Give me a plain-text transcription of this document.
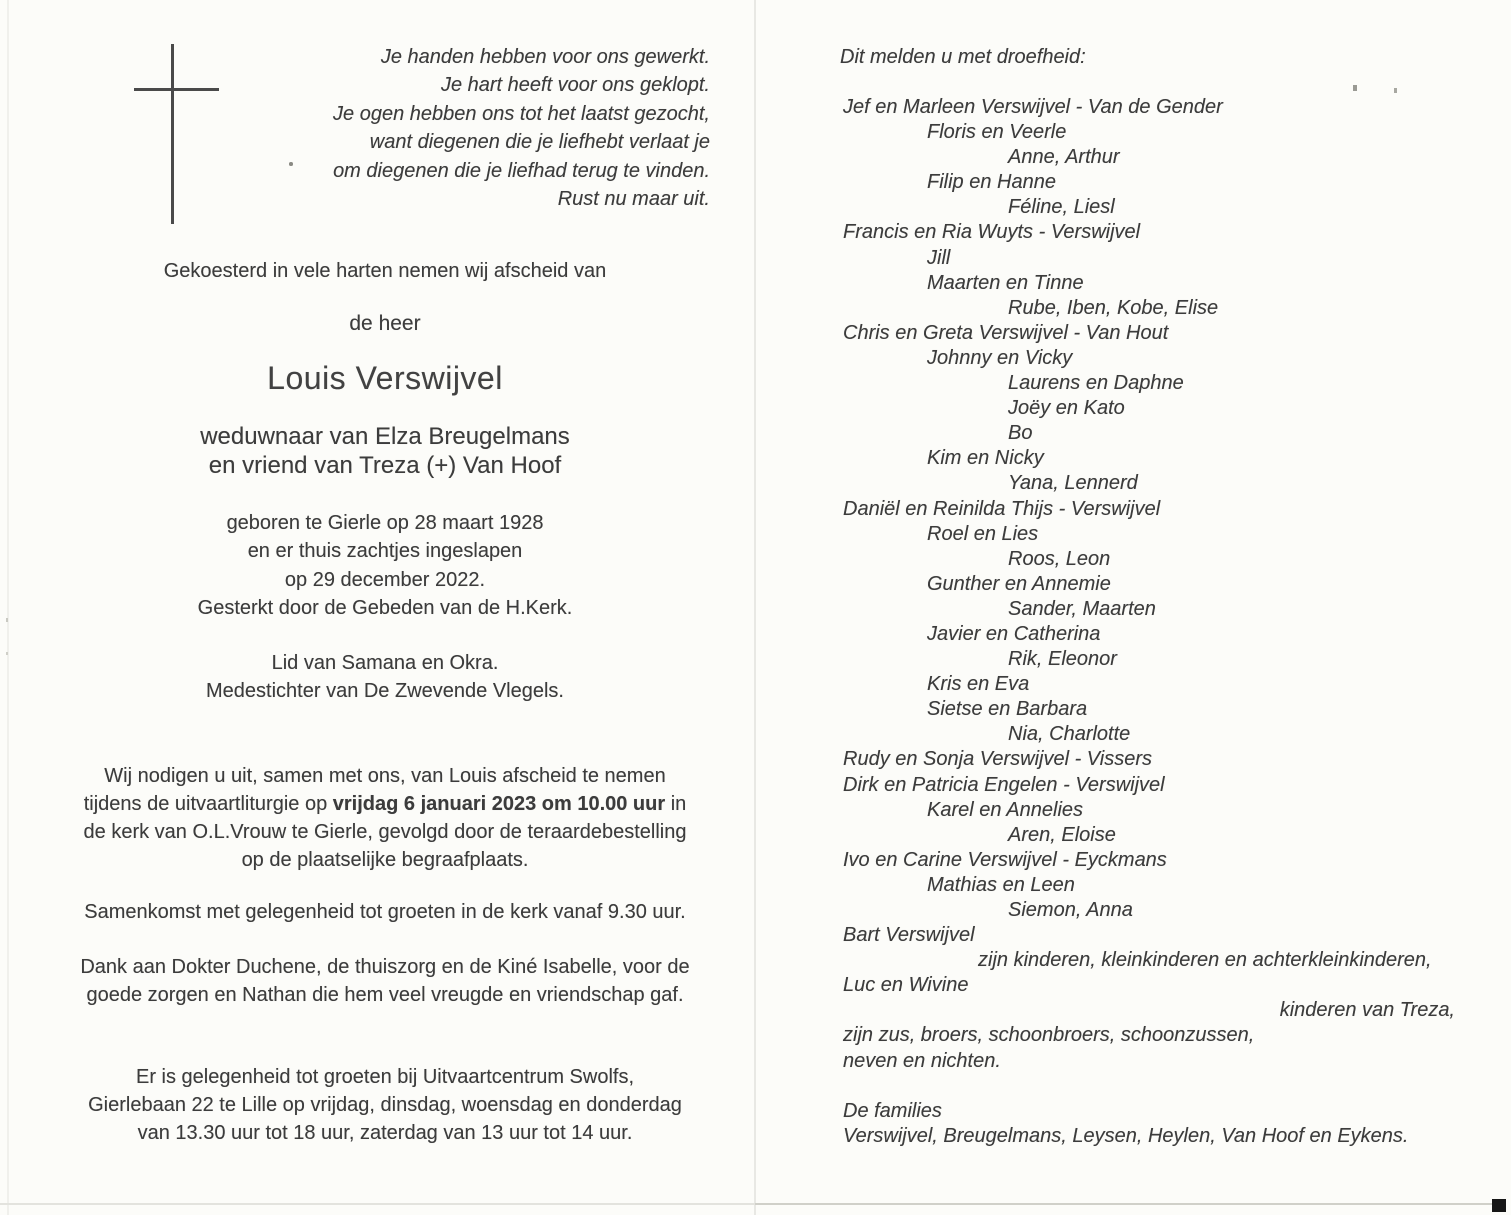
Je handen hebben voor ons gewerkt.
Je hart heeft voor ons geklopt.
Je ogen hebben ons tot het laatst gezocht,
want diegenen die je liefhebt verlaat je
om diegenen die je liefhad terug te vinden.
Rust nu maar uit.
Gekoesterd in vele harten nemen wij afscheid van
de heer
Louis Verswijvel
weduwnaar van Elza Breugelmans
en vriend van Treza (+) Van Hoof
geboren te Gierle op 28 maart 1928
en er thuis zachtjes ingeslapen
op 29 december 2022.
Gesterkt door de Gebeden van de H.Kerk.
Lid van Samana en Okra.
Medestichter van De Zwevende Vlegels.
Wij nodigen u uit, samen met ons, van Louis afscheid te nemen
tijdens de uitvaartliturgie op vrijdag 6 januari 2023 om 10.00 uur in
de kerk van O.L.Vrouw te Gierle, gevolgd door de teraardebestelling
op de plaatselijke begraafplaats.
Samenkomst met gelegenheid tot groeten in de kerk vanaf 9.30 uur.
Dank aan Dokter Duchene, de thuiszorg en de Kiné Isabelle, voor de
goede zorgen en Nathan die hem veel vreugde en vriendschap gaf.
Er is gelegenheid tot groeten bij Uitvaartcentrum Swolfs,
Gierlebaan 22 te Lille op vrijdag, dinsdag, woensdag en donderdag
van 13.30 uur tot 18 uur, zaterdag van 13 uur tot 14 uur.
Dit melden u met droefheid:
Jef en Marleen Verswijvel - Van de Gender
Floris en Veerle
Anne, Arthur
Filip en Hanne
Féline, Liesl
Francis en Ria Wuyts - Verswijvel
Jill
Maarten en Tinne
Rube, Iben, Kobe, Elise
Chris en Greta Verswijvel - Van Hout
Johnny en Vicky
Laurens en Daphne
Joëy en Kato
Bo
Kim en Nicky
Yana, Lennerd
Daniël en Reinilda Thijs - Verswijvel
Roel en Lies
Roos, Leon
Gunther en Annemie
Sander, Maarten
Javier en Catherina
Rik, Eleonor
Kris en Eva
Sietse en Barbara
Nia, Charlotte
Rudy en Sonja Verswijvel - Vissers
Dirk en Patricia Engelen - Verswijvel
Karel en Annelies
Aren, Eloise
Ivo en Carine Verswijvel - Eyckmans
Mathias en Leen
Siemon, Anna
Bart Verswijvel
zijn kinderen, kleinkinderen en achterkleinkinderen,
Luc en Wivine
kinderen van Treza,
zijn zus, broers, schoonbroers, schoonzussen,
neven en nichten.
De families
Verswijvel, Breugelmans, Leysen, Heylen, Van Hoof en Eykens.
